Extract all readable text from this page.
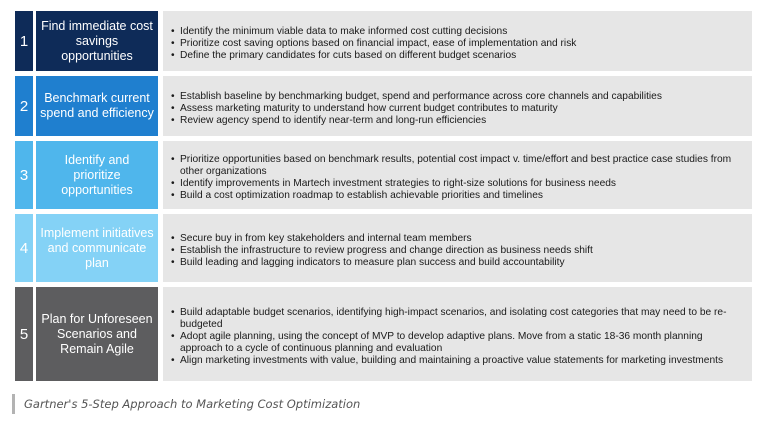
1
Find immediate cost savings opportunities
• Identify the minimum viable data to make informed cost cutting decisions
• Prioritize cost saving options based on financial impact, ease of implementation and risk
• Define the primary candidates for cuts based on different budget scenarios
2	Benchmark current spend and efficiency
• Establish baseline by benchmarking budget, spend and performance across core channels and capabilities
• Assess marketing maturity to understand how current budget contributes to maturity
• Review agency spend to identify near-term and long-run efficiencies
3
Identify and prioritize opportunities
• Prioritize opportunities based on benchmark results, potential cost impact v. time/effort and best practice case studies from other organizations
• Identify improvements in Martech investment strategies to right-size solutions for business needs
• Build a cost optimization roadmap to establish achievable priorities and timelines
4
Implement initiatives and communicate plan
• Secure buy in from key stakeholders and internal team members
• Establish the infrastructure to review progress and change direction as business needs shift
• Build leading and lagging indicators to measure plan success and build accountability
5
Plan for Unforeseen Scenarios and Remain Agile
• Build adaptable budget scenarios, identifying high-impact scenarios, and isolating cost categories that may need to be re-budgeted
• Adopt agile planning, using the concept of MVP to develop adaptive plans. Move from a static 18-36 month planning approach to a cycle of continuous planning and evaluation
• Align marketing investments with value, building and maintaining a proactive value statements for marketing investments
Gartner's 5-Step Approach to Marketing Cost Optimization
